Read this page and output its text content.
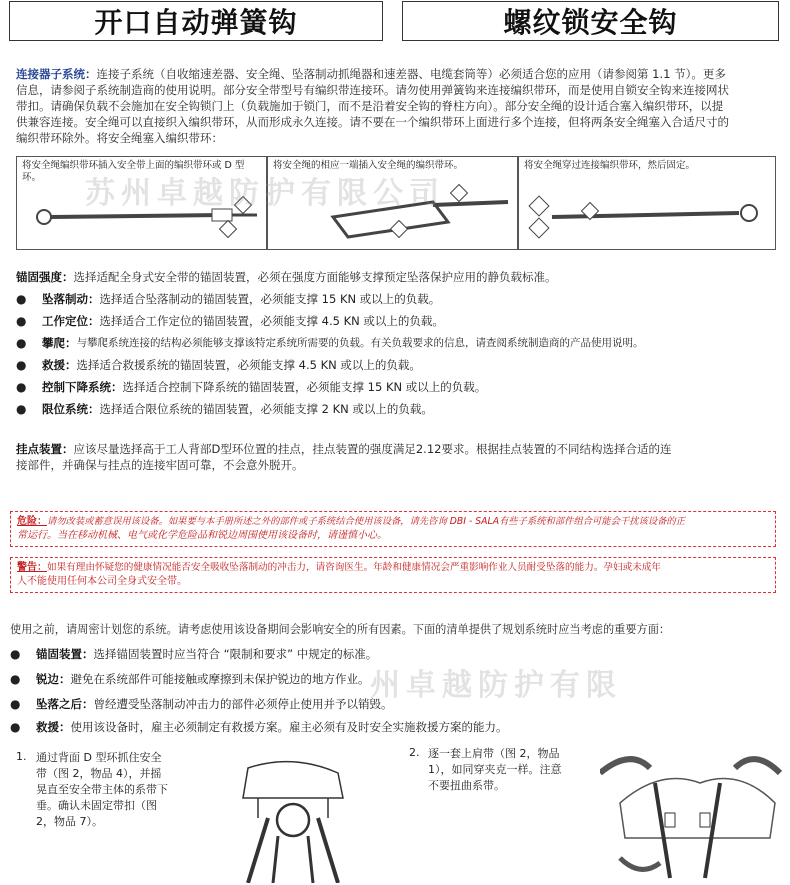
开口自动弹簧钩	螺纹锁安全钩
连接器子系统：连接子系统（自收缩速差器、安全绳、坠落制动抓绳器和速差器、电缆套筒等）必须适合您的应用（请参阅第 1.1 节）。更多
信息，请参阅子系统制造商的使用说明。部分安全带型号有编织带连接环。请勿使用弹簧钩来连接编织带环，而是使用自锁安全钩来连接网状
带扣。请确保负载不会施加在安全钩锁门上（负载施加于锁门，而不是沿着安全钩的脊柱方向）。部分安全绳的设计适合塞入编织带环，以提
供兼容连接。安全绳可以直接织入编织带环，从而形成永久连接。请不要在一个编织带环上面进行多个连接，但将两条安全绳塞入合适尺寸的
编织带环除外。将安全绳塞入编织带环：
将安全绳编织带环插入安全带上面的编织带环或 D 型环。
将安全绳的相应一端插入安全绳的编织带环。	将安全绳穿过连接编织带环，然后固定。
苏州卓越防护有限公司
锚固强度：选择适配全身式安全带的锚固装置，必须在强度方面能够支撑预定坠落保护应用的静负载标准。
●	坠落制动： 选择适合坠落制动的锚固装置，必须能支撑 15 KN 或以上的负载。
●	工作定位： 选择适合工作定位的锚固装置，必须能支撑 4.5 KN 或以上的负载。
●	攀爬： 与攀爬系统连接的结构必须能够支撑该特定系统所需要的负载。有关负载要求的信息，请查阅系统制造商的产品使用说明。
●	救援： 选择适合救援系统的锚固装置，必须能支撑 4.5 KN 或以上的负载。
●	控制下降系统： 选择适合控制下降系统的锚固装置，必须能支撑 15 KN 或以上的负载。
●	限位系统： 选择适合限位系统的锚固装置，必须能支撑 2 KN 或以上的负载。
挂点装置：应该尽量选择高于工人背部D型环位置的挂点，挂点装置的强度满足2.12要求。根据挂点装置的不同结构选择合适的连
接部件，并确保与挂点的连接牢固可靠，不会意外脱开。
危险：请勿改装或蓄意误用该设备。如果要与本手册所述之外的部件或子系统结合使用该设备，请先咨询 DBI - SALA有些子系统和部件组合可能会干扰该设备的正
常运行。当在移动机械、电气或化学危险品和锐边周围使用该设备时，请谨慎小心。
警告：如果有理由怀疑您的健康情况能否安全吸收坠落制动的冲击力，请咨询医生。年龄和健康情况会严重影响作业人员耐受坠落的能力。孕妇或未成年
人不能使用任何本公司全身式安全带。
使用之前，请周密计划您的系统。请考虑使用该设备期间会影响安全的所有因素。下面的清单提供了规划系统时应当考虑的重要方面：
●	锚固装置： 选择锚固装置时应当符合 “限制和要求” 中规定的标准。
●	锐边： 避免在系统部件可能接触或摩擦到未保护锐边的地方作业。
●	坠落之后： 曾经遭受坠落制动冲击力的部件必须停止使用并予以销毁。
●	救援： 使用该设备时，雇主必须制定有救援方案。雇主必须有及时安全实施救援方案的能力。
州卓越防护有限
1. 通过背面 D 型环抓住安全
带（图 2，物品 4），并摇
晃直至安全带主体的系带下
垂。确认未固定带扣（图
2，物品 7）。
2. 逐一套上肩带（图 2，物品
1），如同穿夹克一样。注意
不要扭曲系带。
